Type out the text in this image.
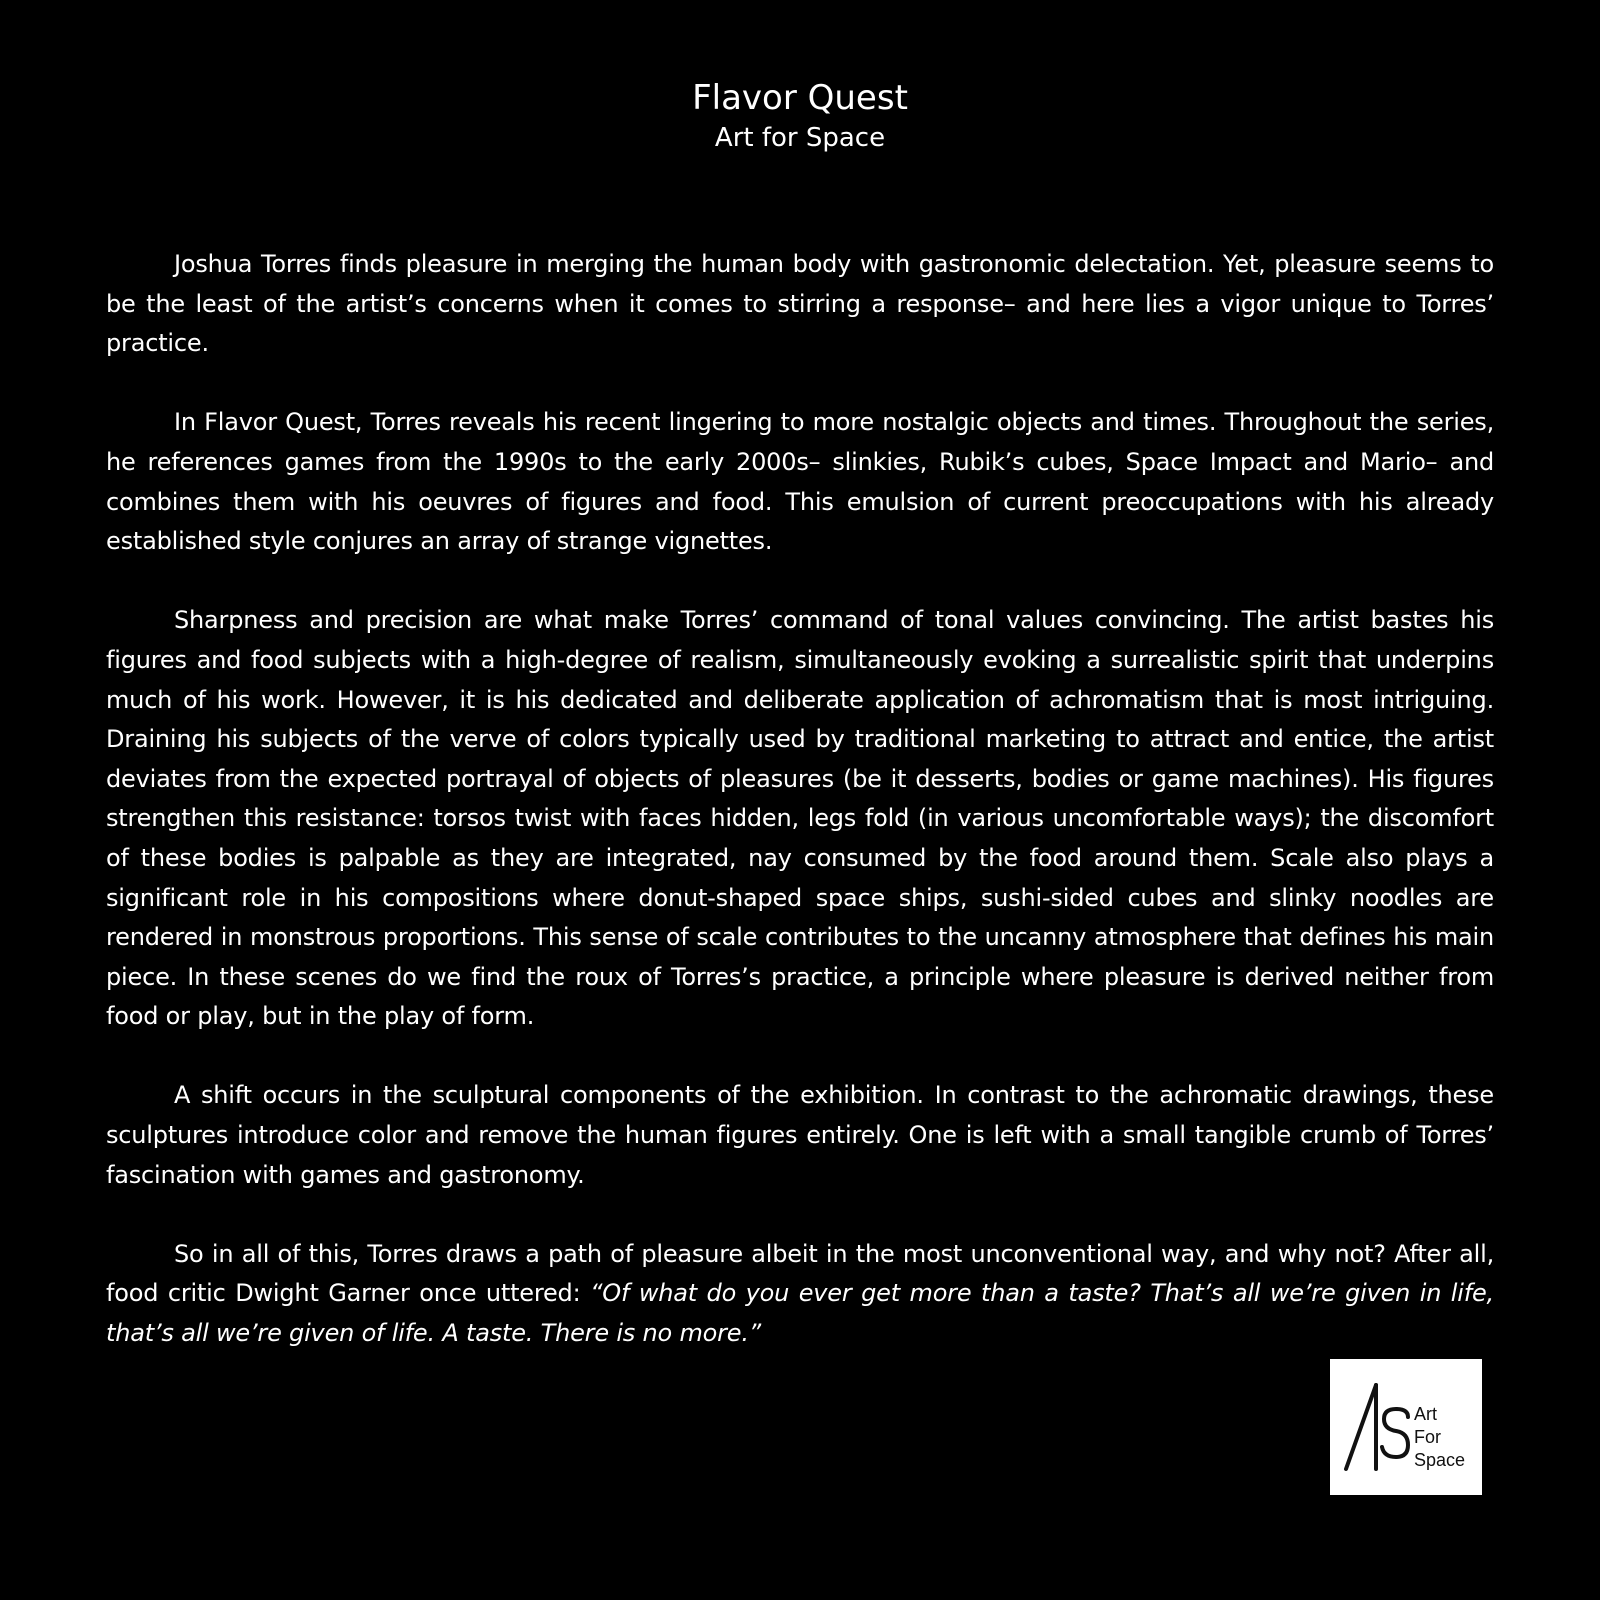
Flavor Quest
Art for Space

Joshua Torres finds pleasure in merging the human body with gastronomic delectation. Yet, pleasure seems to be the least of the artist’s concerns when it comes to stirring a response– and here lies a vigor unique to Torres’ practice.

In Flavor Quest, Torres reveals his recent lingering to more nostalgic objects and times. Throughout the series, he references games from the 1990s to the early 2000s– slinkies, Rubik’s cubes, Space Impact and Mario– and combines them with his oeuvres of figures and food. This emulsion of current preoccupations with his already established style conjures an array of strange vignettes.

Sharpness and precision are what make Torres’ command of tonal values convincing. The artist bastes his figures and food subjects with a high-degree of realism, simultaneously evoking a surrealistic spirit that underpins much of his work. However, it is his dedicated and deliberate application of achromatism that is most intriguing. Draining his subjects of the verve of colors typically used by traditional marketing to attract and entice, the artist deviates from the expected portrayal of objects of pleasures (be it desserts, bodies or game machines). His figures strengthen this resistance: torsos twist with faces hidden, legs fold (in various uncomfortable ways); the discomfort of these bodies is palpable as they are integrated, nay consumed by the food around them. Scale also plays a significant role in his compositions where donut-shaped space ships, sushi-sided cubes and slinky noodles are rendered in monstrous proportions. This sense of scale contributes to the uncanny atmosphere that defines his main piece. In these scenes do we find the roux of Torres’s practice, a principle where pleasure is derived neither from food or play, but in the play of form.

A shift occurs in the sculptural components of the exhibition. In contrast to the achromatic drawings, these sculptures introduce color and remove the human figures entirely. One is left with a small tangible crumb of Torres’ fascination with games and gastronomy.

So in all of this, Torres draws a path of pleasure albeit in the most unconventional way, and why not? After all, food critic Dwight Garner once uttered: “Of what do you ever get more than a taste? That’s all we’re given in life, that’s all we’re given of life. A taste. There is no more.”

Art
For
Space
